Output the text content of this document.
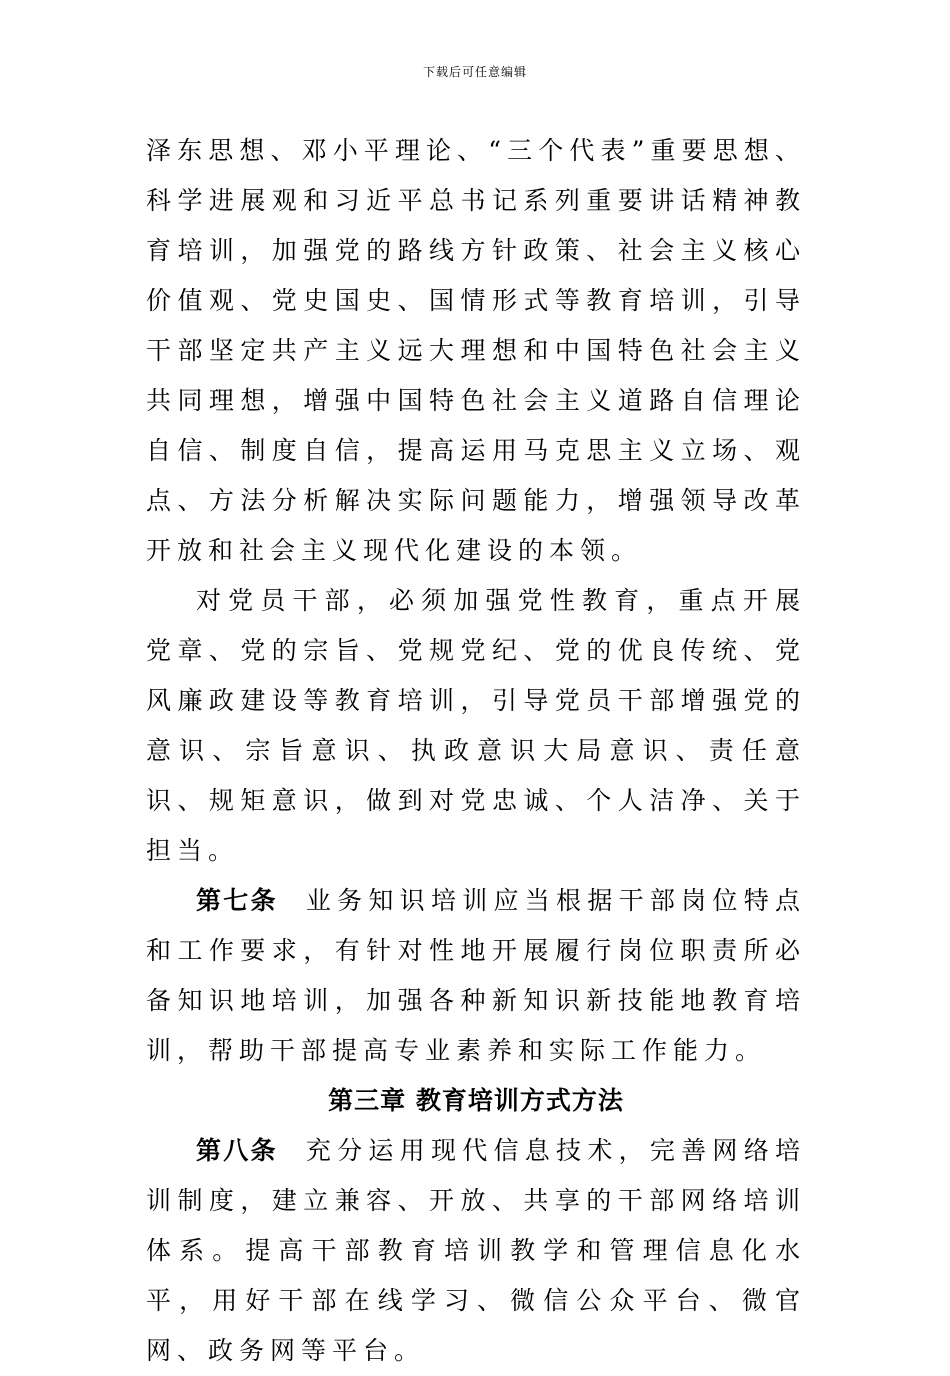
下载后可任意编辑

泽东思想、邓小平理论、“三个代表”重要思想、科学进展观和习近平总书记系列重要讲话精神教育培训，加强党的路线方针政策、社会主义核心价值观、党史国史、国情形式等教育培训，引导干部坚定共产主义远大理想和中国特色社会主义共同理想，增强中国特色社会主义道路自信理论自信、制度自信，提高运用马克思主义立场、观点、方法分析解决实际问题能力，增强领导改革开放和社会主义现代化建设的本领。

对党员干部，必须加强党性教育，重点开展党章、党的宗旨、党规党纪、党的优良传统、党风廉政建设等教育培训，引导党员干部增强党的意识、宗旨意识、执政意识大局意识、责任意识、规矩意识，做到对党忠诚、个人洁净、关于担当。

第七条 业务知识培训应当根据干部岗位特点和工作要求，有针对性地开展履行岗位职责所必备知识地培训，加强各种新知识新技能地教育培训，帮助干部提高专业素养和实际工作能力。

第三章 教育培训方式方法

第八条 充分运用现代信息技术，完善网络培训制度，建立兼容、开放、共享的干部网络培训体系。提高干部教育培训教学和管理信息化水平，用好干部在线学习、微信公众平台、微官网、政务网等平台。
